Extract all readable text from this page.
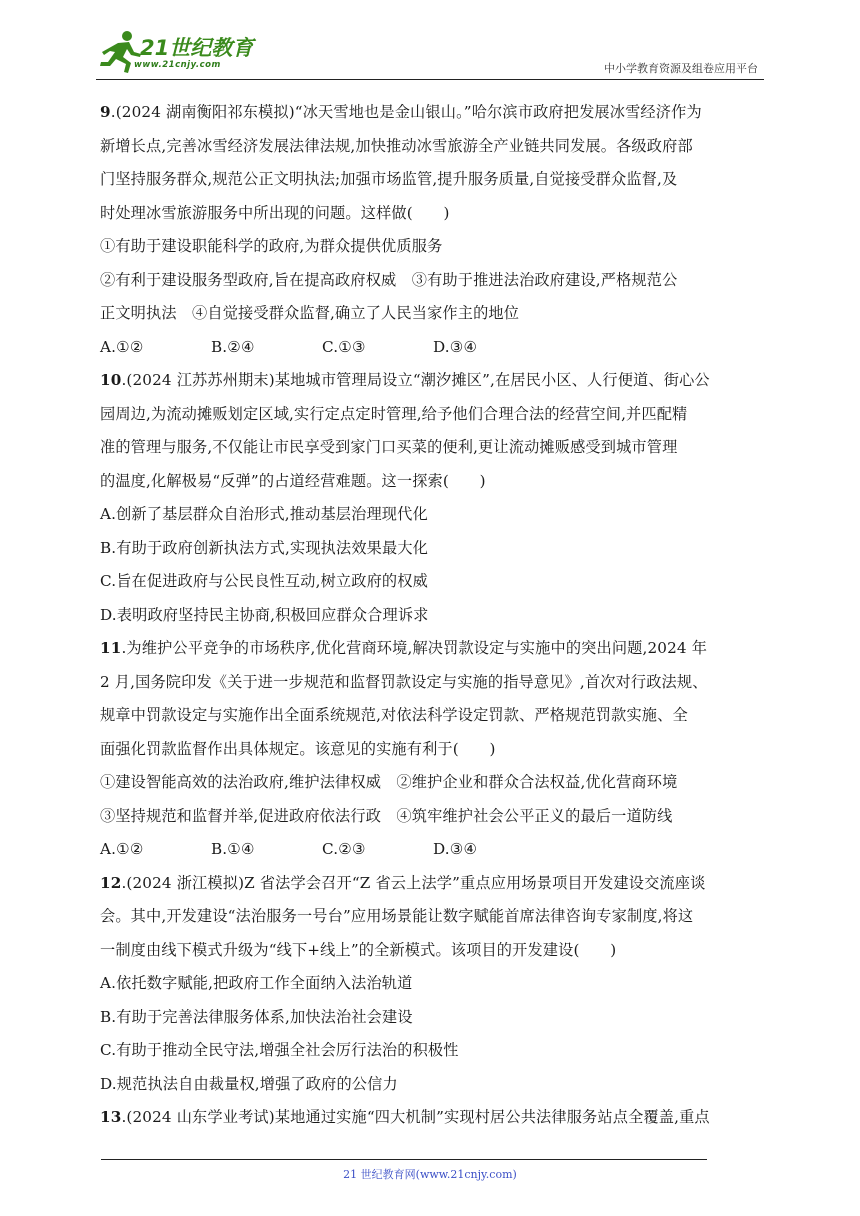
21世纪教育
www.21cnjy.com	中小学教育资源及组卷应用平台
9.(2024 湖南衡阳祁东模拟)“冰天雪地也是金山银山。”哈尔滨市政府把发展冰雪经济作为
新增长点,完善冰雪经济发展法律法规,加快推动冰雪旅游全产业链共同发展。各级政府部
门坚持服务群众,规范公正文明执法;加强市场监管,提升服务质量,自觉接受群众监督,及
时处理冰雪旅游服务中所出现的问题。这样做(　　)
①有助于建设职能科学的政府,为群众提供优质服务
②有利于建设服务型政府,旨在提高政府权威　③有助于推进法治政府建设,严格规范公
正文明执法　④自觉接受群众监督,确立了人民当家作主的地位
A.①②	B.②④	C.①③	D.③④
10.(2024 江苏苏州期末)某地城市管理局设立“潮汐摊区”,在居民小区、人行便道、街心公
园周边,为流动摊贩划定区域,实行定点定时管理,给予他们合理合法的经营空间,并匹配精
准的管理与服务,不仅能让市民享受到家门口买菜的便利,更让流动摊贩感受到城市管理
的温度,化解极易“反弹”的占道经营难题。这一探索(　　)
A.创新了基层群众自治形式,推动基层治理现代化
B.有助于政府创新执法方式,实现执法效果最大化
C.旨在促进政府与公民良性互动,树立政府的权威
D.表明政府坚持民主协商,积极回应群众合理诉求
11.为维护公平竞争的市场秩序,优化营商环境,解决罚款设定与实施中的突出问题,2024 年
2 月,国务院印发《关于进一步规范和监督罚款设定与实施的指导意见》,首次对行政法规、
规章中罚款设定与实施作出全面系统规范,对依法科学设定罚款、严格规范罚款实施、全
面强化罚款监督作出具体规定。该意见的实施有利于(　　)
①建设智能高效的法治政府,维护法律权威　②维护企业和群众合法权益,优化营商环境
③坚持规范和监督并举,促进政府依法行政　④筑牢维护社会公平正义的最后一道防线
A.①②	B.①④	C.②③	D.③④
12.(2024 浙江模拟)Z 省法学会召开“Z 省云上法学”重点应用场景项目开发建设交流座谈
会。其中,开发建设“法治服务一号台”应用场景能让数字赋能首席法律咨询专家制度,将这
一制度由线下模式升级为“线下+线上”的全新模式。该项目的开发建设(　　)
A.依托数字赋能,把政府工作全面纳入法治轨道
B.有助于完善法律服务体系,加快法治社会建设
C.有助于推动全民守法,增强全社会厉行法治的积极性
D.规范执法自由裁量权,增强了政府的公信力
13.(2024 山东学业考试)某地通过实施“四大机制”实现村居公共法律服务站点全覆盖,重点
21 世纪教育网(www.21cnjy.com)
